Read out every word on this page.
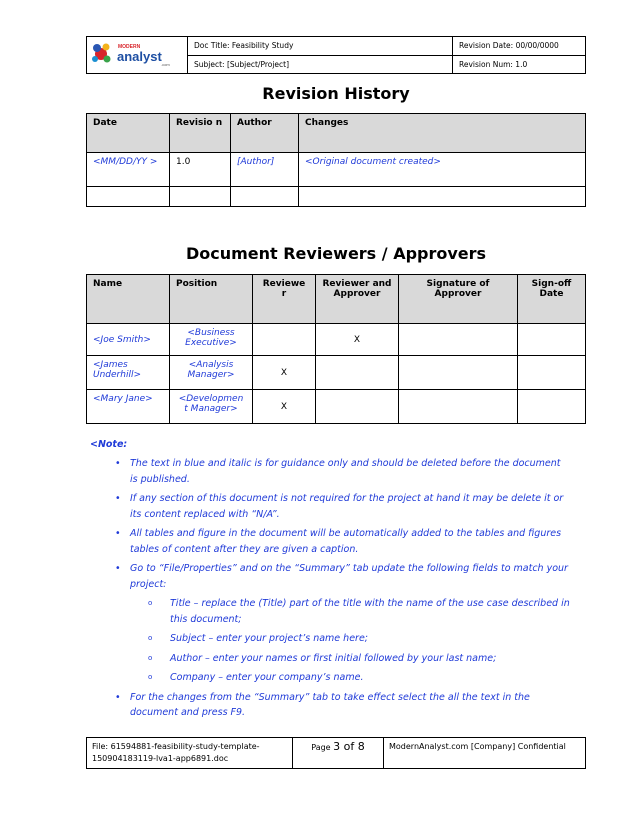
MODERN
analyst
.com	Doc Title: Feasibility Study	Revision Date: 00/00/0000
	Subject: [Subject/Project]	Revision Num: 1.0
Revision History
Date	Revisio n	Author	Changes
<MM/DD/YY >	1.0	[Author]	<Original document created>

Document Reviewers / Approvers
Name	Position	Reviewe r	Reviewer and Approver	Signature of Approver	Sign-off Date
<Joe Smith>	<Business Executive>		X		
<James Underhill>	<Analysis Manager>	X			
<Mary Jane>	<Developmen t Manager>	X			
<Note:
• The text in blue and italic is for guidance only and should be deleted before the document is published.
• If any section of this document is not required for the project at hand it may be delete it or its content replaced with “N/A”.
• All tables and figure in the document will be automatically added to the tables and figures tables of content after they are given a caption.
• Go to “File/Properties” and on the “Summary” tab update the following fields to match your project:
o Title – replace the (Title) part of the title with the name of the use case described in this document;
o Subject – enter your project’s name here;
o Author – enter your names or first initial followed by your last name;
o Company – enter your company’s name.
• For the changes from the “Summary” tab to take effect select the all the text in the document and press F9.
File: 61594881-feasibility-study-template-150904183119-lva1-app6891.doc	Page 3 of 8	ModernAnalyst.com [Company] Confidential
